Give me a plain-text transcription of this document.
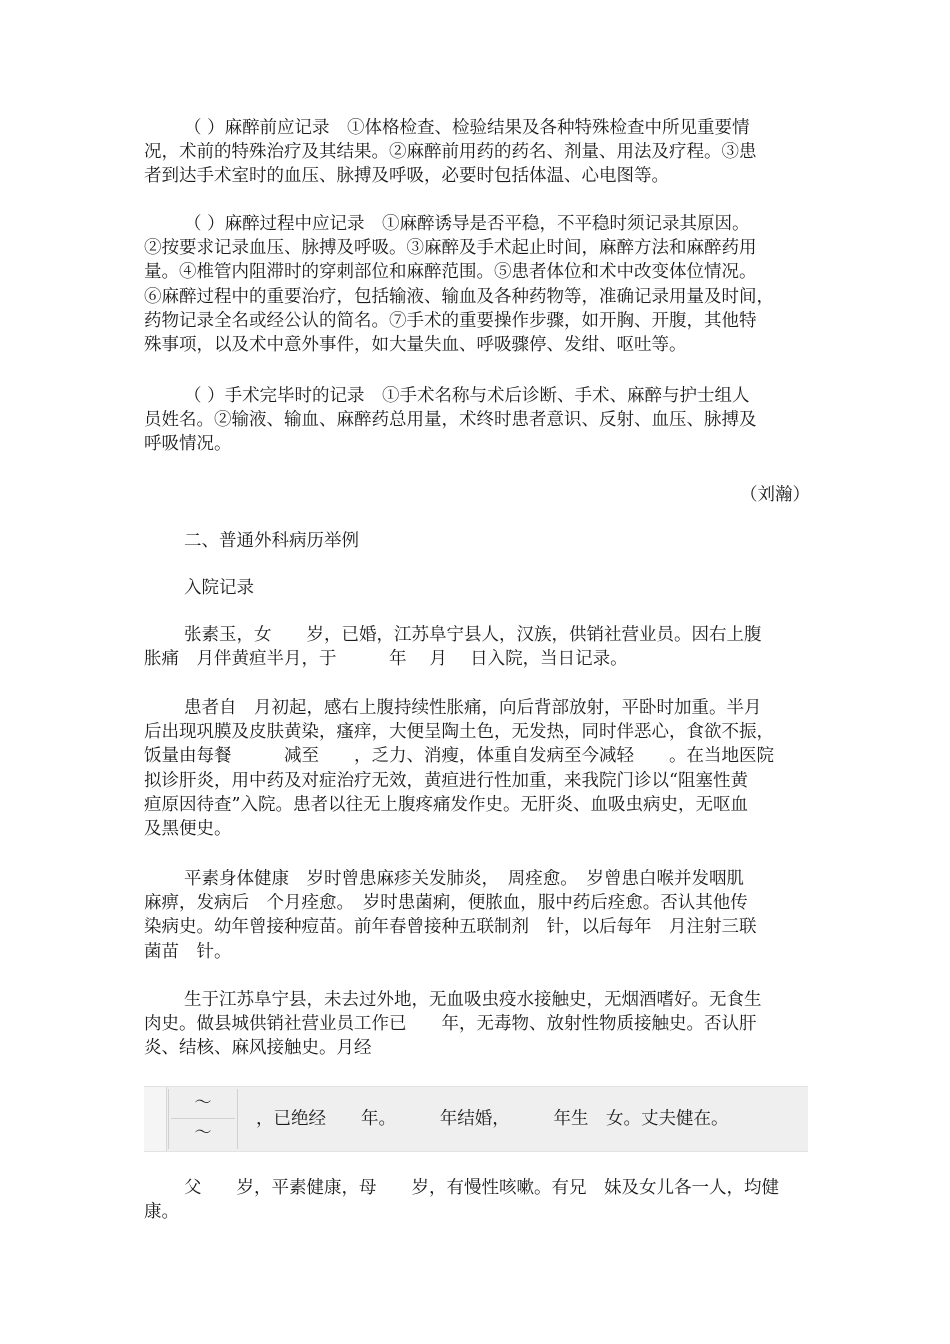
（ ）麻醉前应记录　①体格检查、检验结果及各种特殊检查中所见重要情
况，术前的特殊治疗及其结果。②麻醉前用药的药名、剂量、用法及疗程。③患
者到达手术室时的血压、脉搏及呼吸，必要时包括体温、心电图等。
（ ）麻醉过程中应记录　①麻醉诱导是否平稳，不平稳时须记录其原因。
②按要求记录血压、脉搏及呼吸。③麻醉及手术起止时间，麻醉方法和麻醉药用
量。④椎管内阻滞时的穿刺部位和麻醉范围。⑤患者体位和术中改变体位情况。
⑥麻醉过程中的重要治疗，包括输液、输血及各种药物等，准确记录用量及时间，
药物记录全名或经公认的简名。⑦手术的重要操作步骤，如开胸、开腹，其他特
殊事项，以及术中意外事件，如大量失血、呼吸骤停、发绀、呕吐等。
（ ）手术完毕时的记录　①手术名称与术后诊断、手术、麻醉与护士组人
员姓名。②输液、输血、麻醉药总用量，术终时患者意识、反射、血压、脉搏及
呼吸情况。
（刘瀚）
二、普通外科病历举例
入院记录
张素玉，女　　岁，已婚，江苏阜宁县人，汉族，供销社营业员。因右上腹
胀痛　月伴黄疸半月，于　　　年　 月　 日入院，当日记录。
患者自　月初起，感右上腹持续性胀痛，向后背部放射，平卧时加重。半月
后出现巩膜及皮肤黄染，瘙痒，大便呈陶土色，无发热，同时伴恶心，食欲不振，
饭量由每餐　　　减至　　，乏力、消瘦，体重自发病至今减轻　　。在当地医院
拟诊肝炎，用中药及对症治疗无效，黄疸进行性加重，来我院门诊以“阻塞性黄
疸原因待查”入院。患者以往无上腹疼痛发作史。无肝炎、血吸虫病史，无呕血
及黑便史。
平素身体健康　岁时曾患麻疹关发肺炎，　周痊愈。　岁曾患白喉并发咽肌
麻痹，发病后　个月痊愈。　岁时患菌痢，便脓血，服中药后痊愈。否认其他传
染病史。幼年曾接种痘苗。前年春曾接种五联制剂　针，以后每年　月注射三联
菌苗　针。
生于江苏阜宁县，未去过外地，无血吸虫疫水接触史，无烟酒嗜好。无食生
肉史。做县城供销社营业员工作已　　年，无毒物、放射性物质接触史。否认肝
炎、结核、麻风接触史。月经
～
～
，已绝经　　年。　　　年结婚，　　　年生　女。丈夫健在。
父　　岁，平素健康，母　　岁，有慢性咳嗽。有兄　妹及女儿各一人，均健
康。
